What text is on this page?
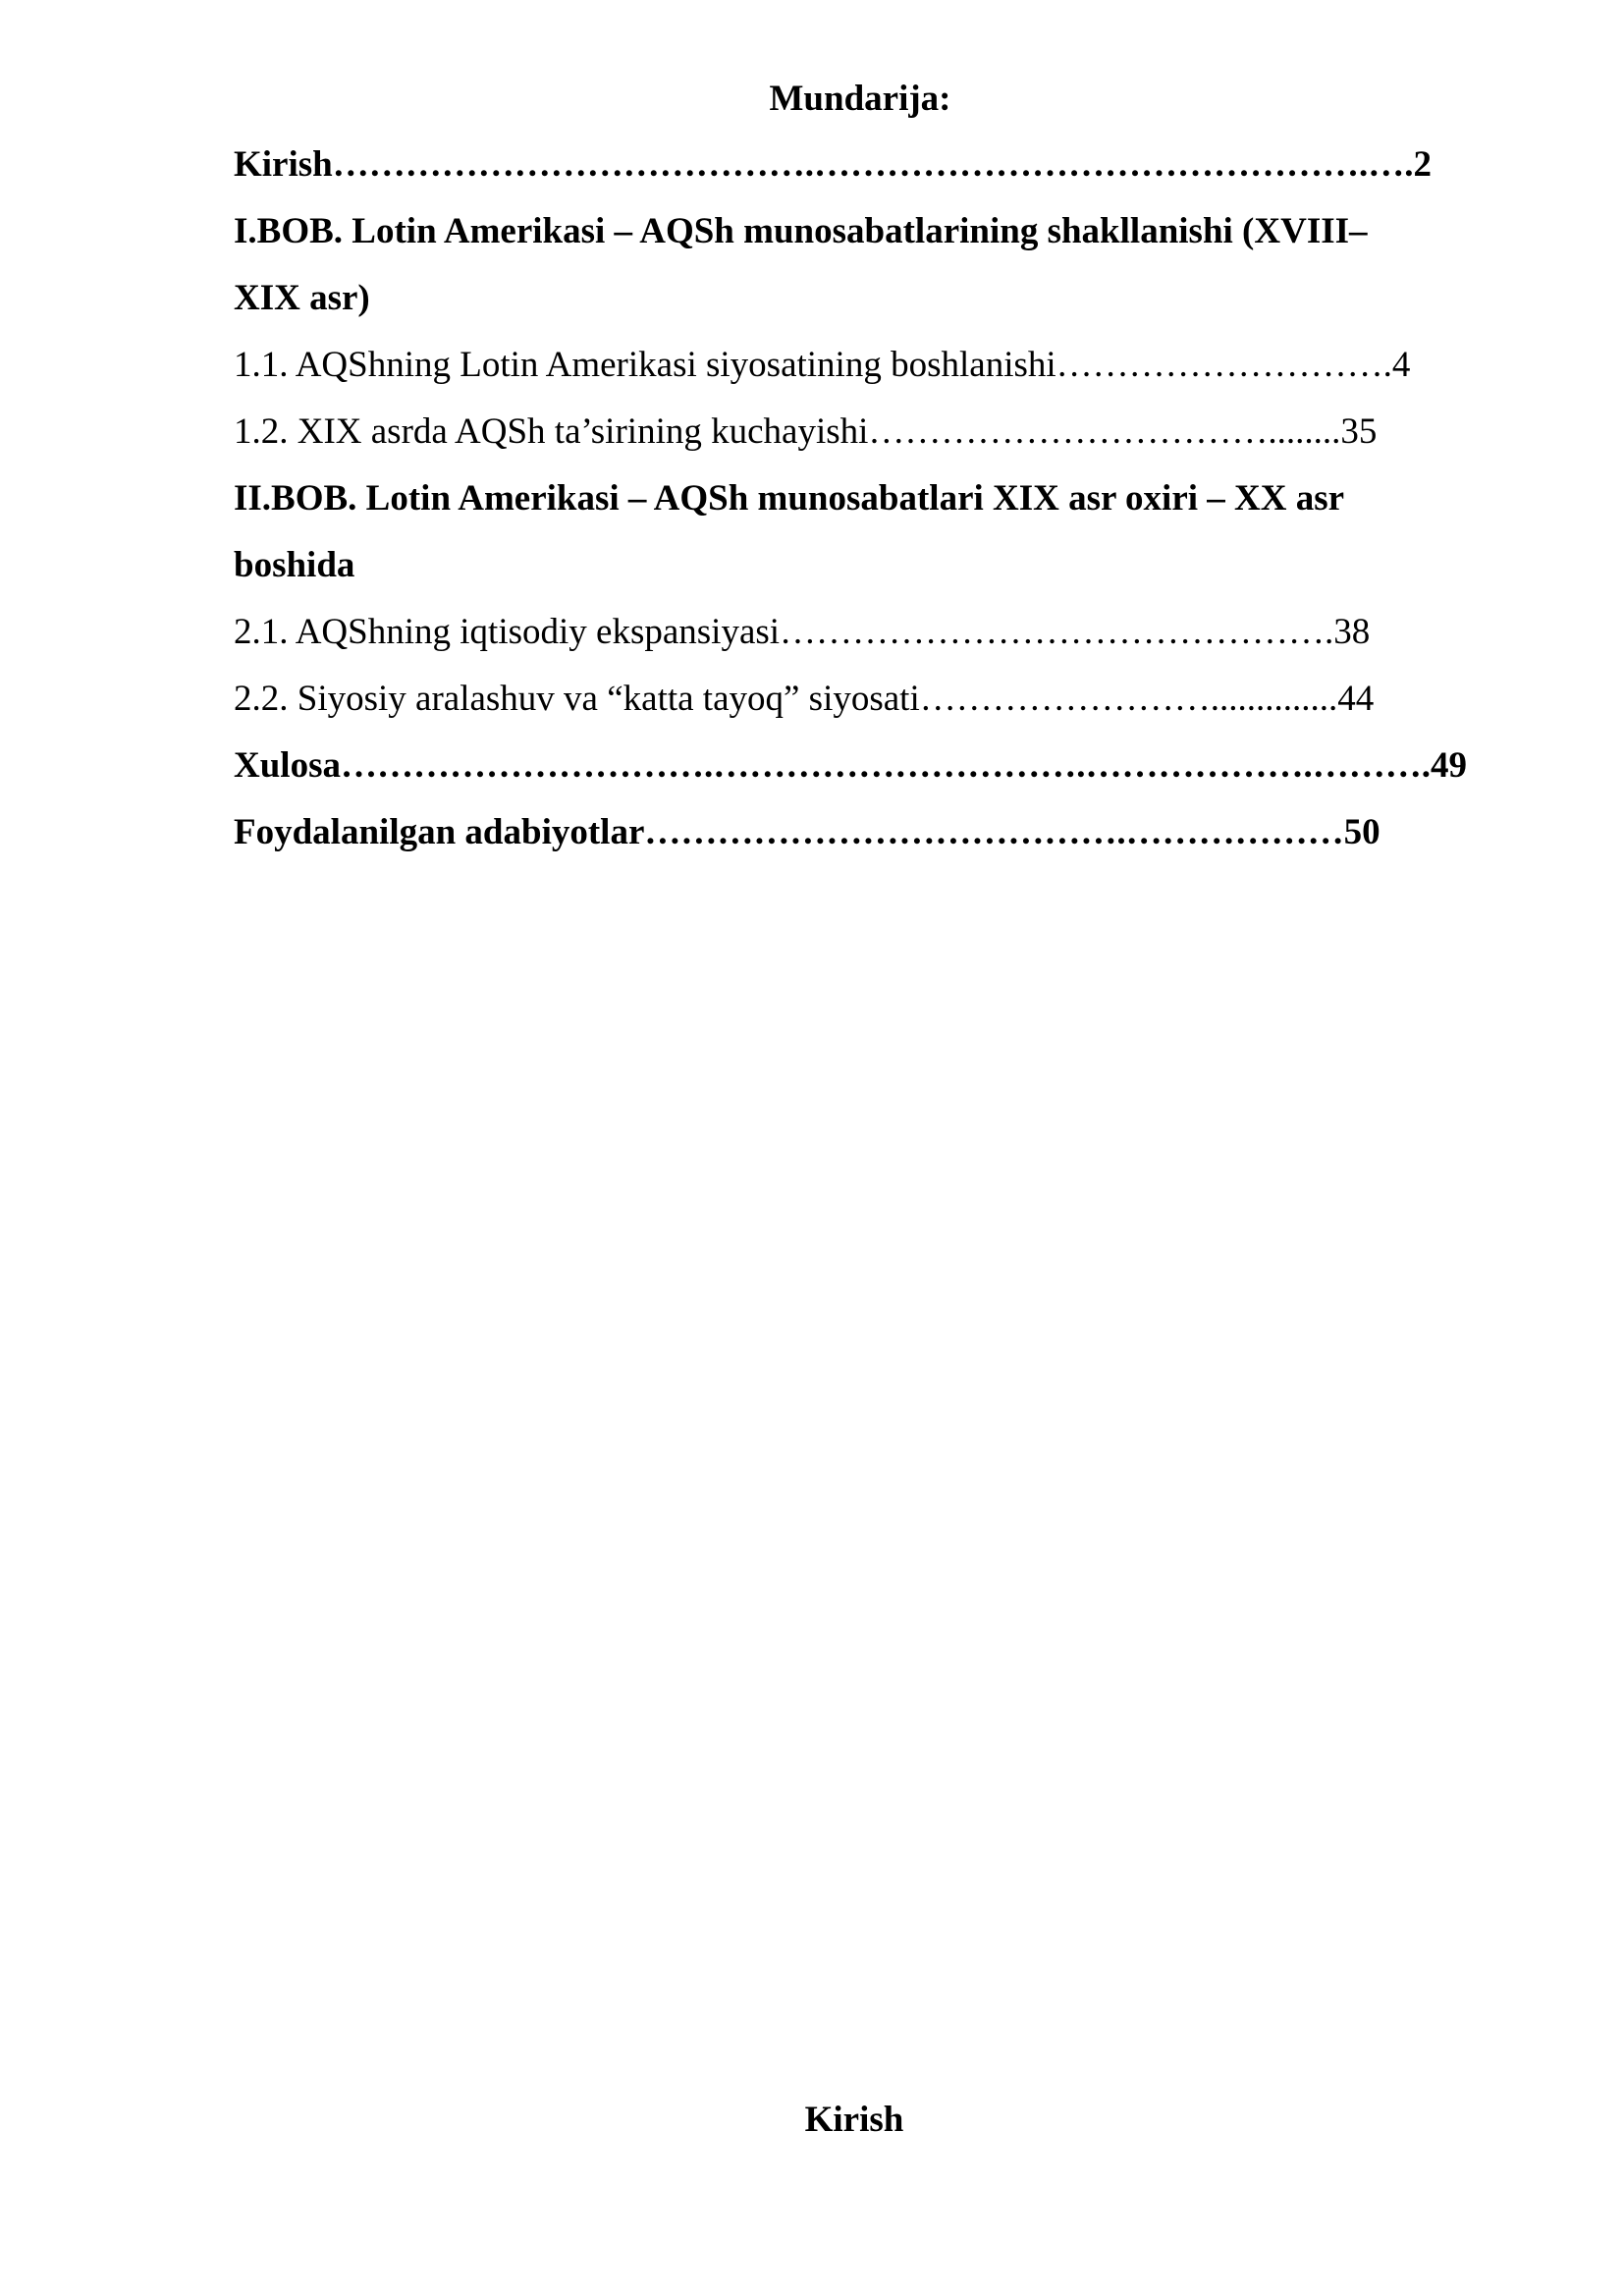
Mundarija:
Kirish………………………………….……………………………………….….2
I.BOB. Lotin Amerikasi – AQSh munosabatlarining shakllanishi (XVIII–
XIX asr)
1.1. AQShning Lotin Amerikasi siyosatining boshlanishi……………………….4
1.2. XIX asrda AQSh ta’sirining kuchayishi……………………………........35
II.BOB. Lotin Amerikasi – AQSh munosabatlari XIX asr oxiri – XX asr
boshida
2.1. AQShning iqtisodiy ekspansiyasi……………………………………….38
2.2. Siyosiy aralashuv va “katta tayoq” siyosati……………………..............44
Xulosa………………………….………………………….……………….……….49
Foydalanilgan adabiyotlar………………………………….………………50
Kirish
